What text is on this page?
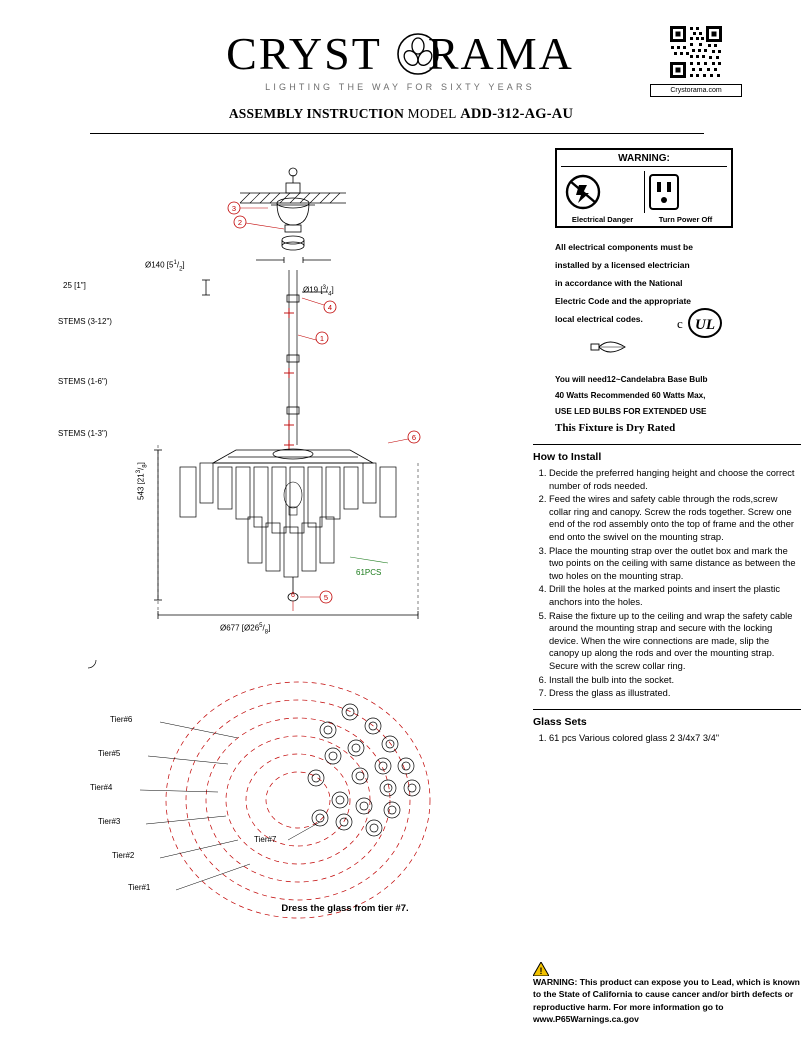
CRYST RAMA
LIGHTING THE WAY FOR SIXTY YEARS	Crystorama.com
ASSEMBLY INSTRUCTION MODEL ADD-312-AG-AU
3
2
4
1
6
5
6
Ø140 $[5^1/_2]$
25 [1"]
Ø19 $[^3/_4]$
STEMS (3-12")
STEMS (1-6")
STEMS (1-3")
543 $[21^3/_8]$
Ø677 $[Ø26^5/_8]$
61PCS
Tier#6
Tier#5
Tier#4
Tier#3
Tier#2
Tier#1
Tier#7
Dress the glass from tier #7.
WARNING:
Electrical Danger	Turn Power Off
All electrical components must be
installed by a licensed electrician
in accordance with the National
Electric Code and the appropriate
local electrical codes.	c UL
You will need12~Candelabra Base Bulb
40 Watts Recommended 60 Watts Max,
USE LED BULBS FOR EXTENDED USE
This Fixture is Dry Rated
How to Install
1. Decide the preferred hanging height and choose the correct number of rods needed.
2. Feed the wires and safety cable through the rods,screw collar ring and canopy. Screw the rods together. Screw one end of the rod assembly onto the top of frame and the other end onto the swivel on the mounting strap.
3. Place the mounting strap over the outlet box and mark the two points on the ceiling with same distance as between the two holes on the mounting strap.
4. Drill the holes at the marked points and insert the plastic anchors into the holes.
5. Raise the fixture up to the ceiling and wrap the safety cable around the mounting strap and secure with the locking device. When the wire connections are made, slip the canopy up along the rods and over the mounting strap. Secure with the screw collar ring.
6. Install the bulb into the socket.
7. Dress the glass as illustrated.
Glass Sets
1. 61 pcs Various colored glass 2 3/4x7 3/4"
!
WARNING: This product can expose you to Lead, which is known to the State of California to cause cancer and/or birth defects or reproductive harm. For more information go to www.P65Warnings.ca.gov
